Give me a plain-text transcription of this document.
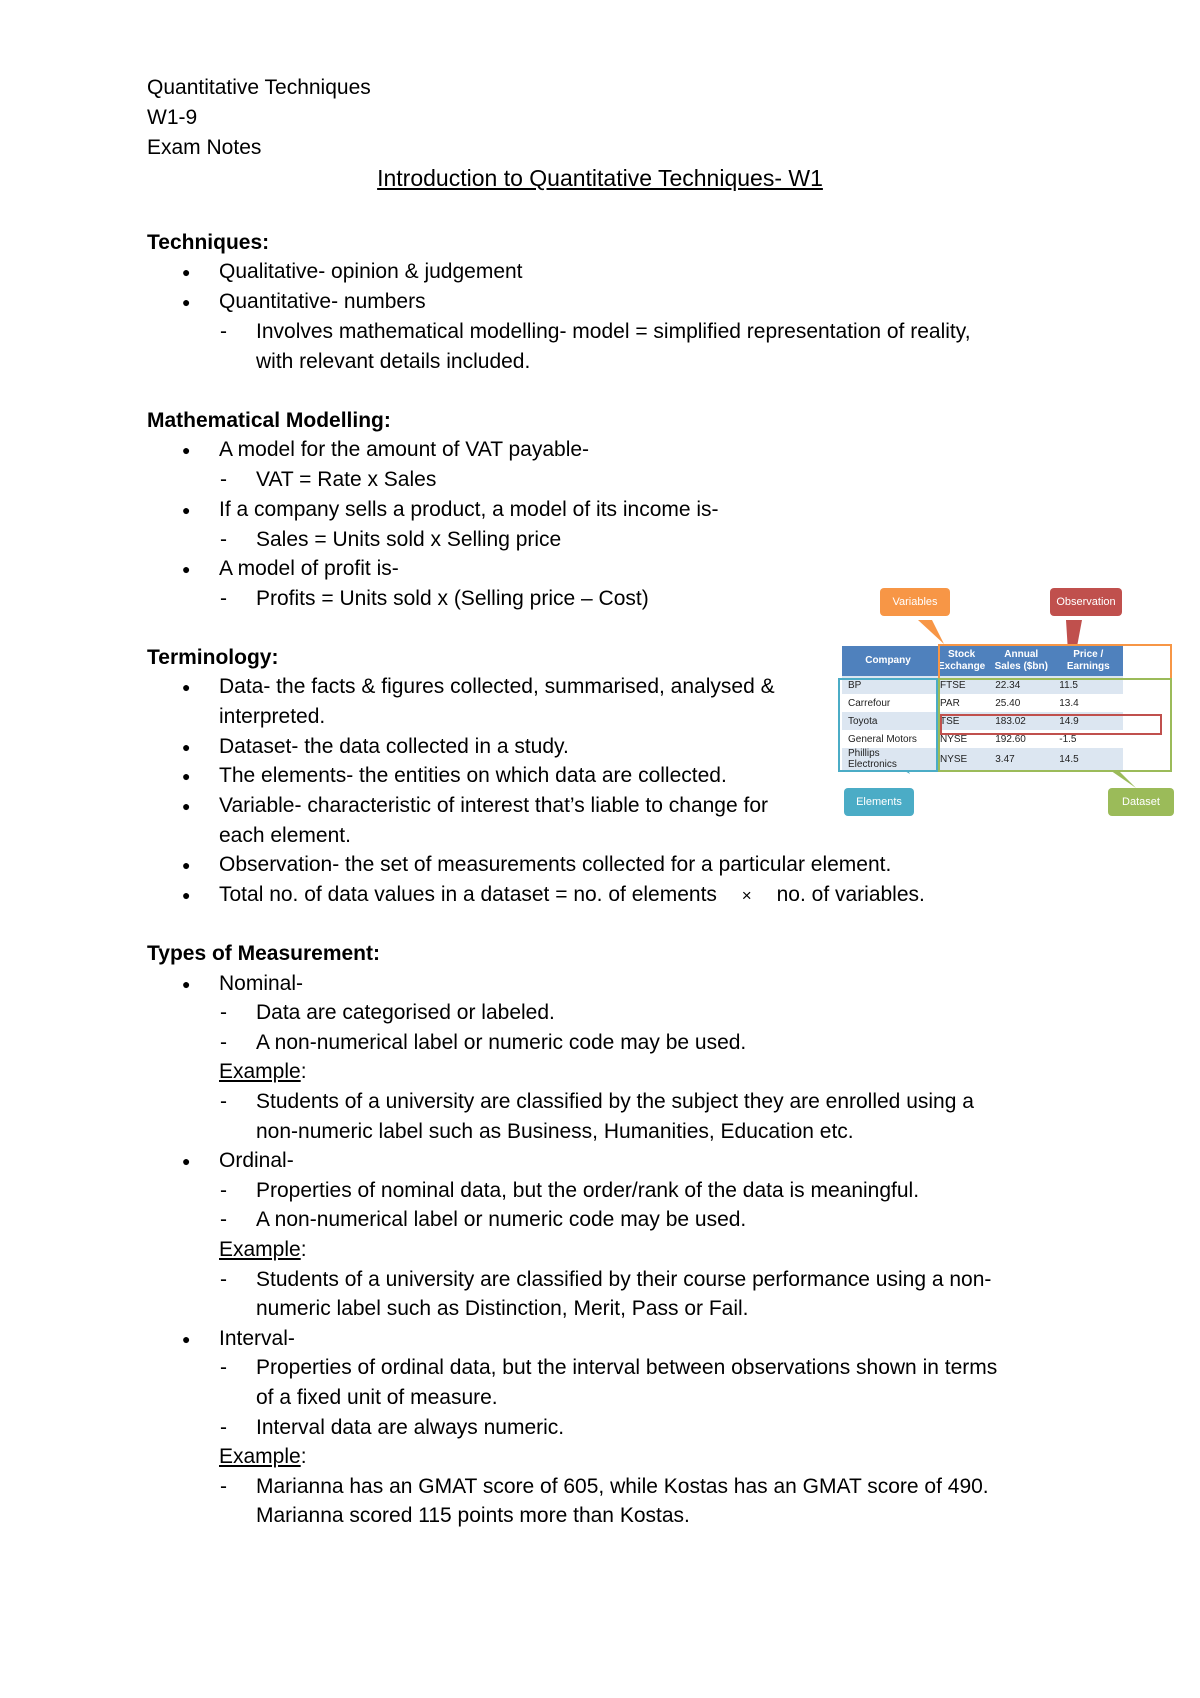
Quantitative Techniques
W1-9
Exam Notes
Introduction to Quantitative Techniques- W1
Techniques:
● Qualitative- opinion & judgement
● Quantitative- numbers
- Involves mathematical modelling- model = simplified representation of reality,
with relevant details included.
Mathematical Modelling:
● A model for the amount of VAT payable-
- VAT = Rate x Sales
● If a company sells a product, a model of its income is-
- Sales = Units sold x Selling price
● A model of profit is-
- Profits = Units sold x (Selling price – Cost)
Terminology:
● Data- the facts & figures collected, summarised, analysed &
interpreted.
● Dataset- the data collected in a study.
● The elements- the entities on which data are collected.
● Variable- characteristic of interest that’s liable to change for
each element.
● Observation- the set of measurements collected for a particular element.
● Total no. of data values in a dataset = no. of elements × no. of variables.
Variables	Observation
Company	Stock Exchange	Annual Sales ($bn)	Price / Earnings
BP	FTSE	22.34	11.5
Carrefour	PAR	25.40	13.4
Toyota	TSE	183.02	14.9
General Motors	NYSE	192.60	-1.5
Phillips Electronics	NYSE	3.47	14.5
Elements	Dataset
Types of Measurement:
● Nominal-
- Data are categorised or labeled.
- A non-numerical label or numeric code may be used.
Example:
- Students of a university are classified by the subject they are enrolled using a
non-numeric label such as Business, Humanities, Education etc.
● Ordinal-
- Properties of nominal data, but the order/rank of the data is meaningful.
- A non-numerical label or numeric code may be used.
Example:
- Students of a university are classified by their course performance using a non-
numeric label such as Distinction, Merit, Pass or Fail.
● Interval-
- Properties of ordinal data, but the interval between observations shown in terms
of a fixed unit of measure.
- Interval data are always numeric.
Example:
- Marianna has an GMAT score of 605, while Kostas has an GMAT score of 490.
Marianna scored 115 points more than Kostas.
